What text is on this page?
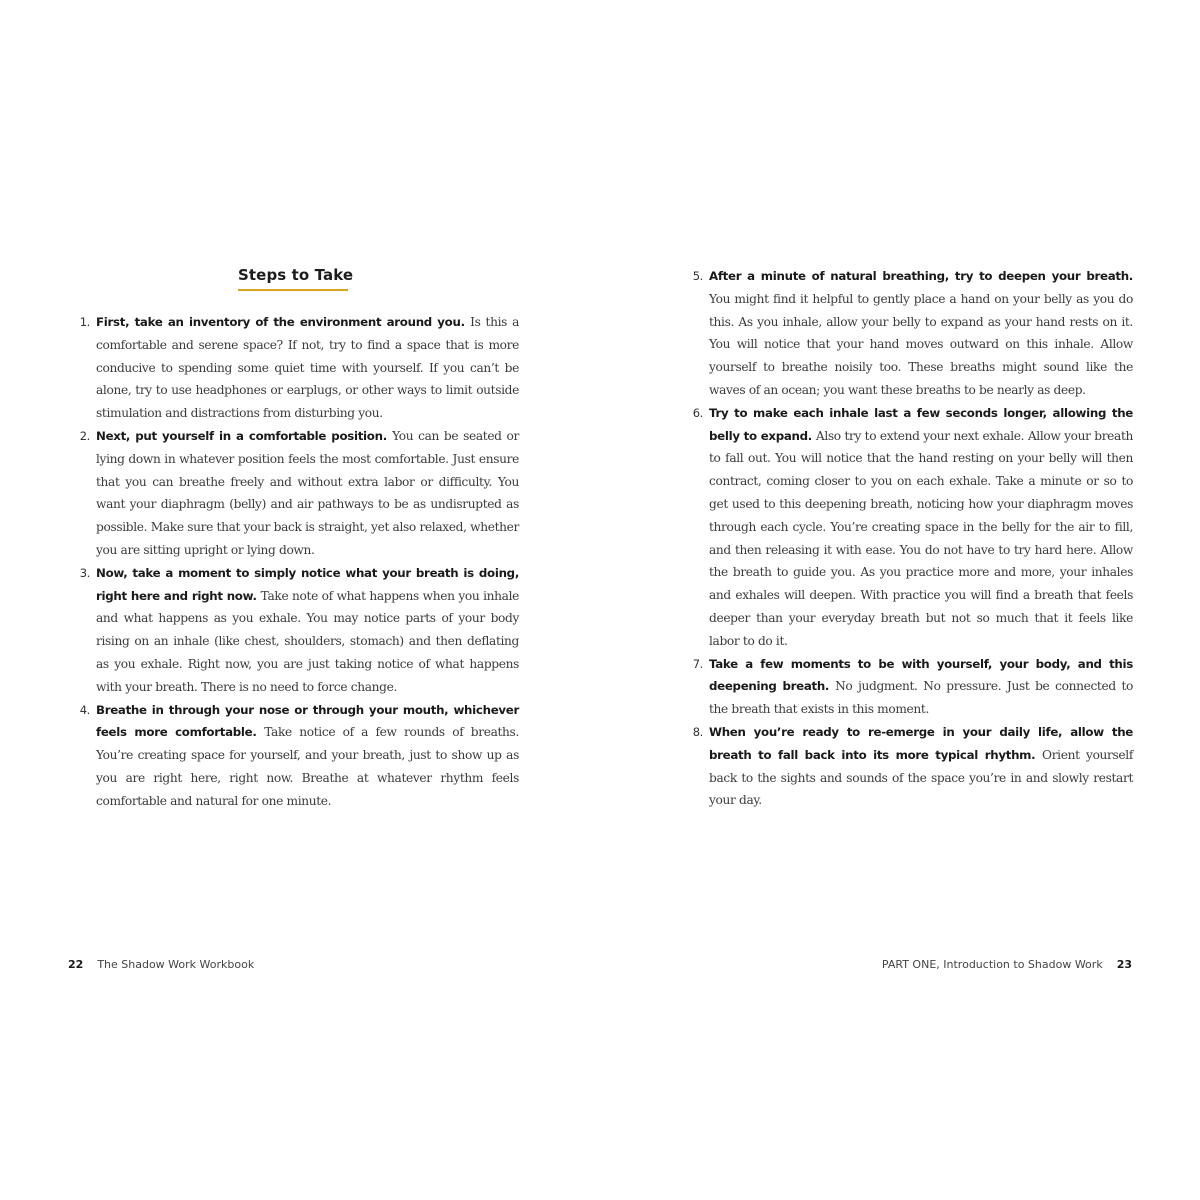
Steps to Take
1. First, take an inventory of the environment around you. Is this a comfortable and serene space? If not, try to find a space that is more conducive to spending some quiet time with yourself. If you can’t be alone, try to use headphones or earplugs, or other ways to limit outside stimulation and distractions from disturbing you.
2. Next, put yourself in a comfortable position. You can be seated or lying down in whatever position feels the most comfortable. Just ensure that you can breathe freely and without extra labor or difficulty. You want your diaphragm (belly) and air pathways to be as undisrupted as possible. Make sure that your back is straight, yet also relaxed, whether you are sitting upright or lying down.
3. Now, take a moment to simply notice what your breath is doing, right here and right now. Take note of what happens when you inhale and what happens as you exhale. You may notice parts of your body rising on an inhale (like chest, shoulders, stomach) and then deflating as you exhale. Right now, you are just taking notice of what happens with your breath. There is no need to force change.
4. Breathe in through your nose or through your mouth, whichever feels more comfortable. Take notice of a few rounds of breaths. You’re creating space for yourself, and your breath, just to show up as you are right here, right now. Breathe at whatever rhythm feels comfortable and natural for one minute.
22 The Shadow Work Workbook
5. After a minute of natural breathing, try to deepen your breath. You might find it helpful to gently place a hand on your belly as you do this. As you inhale, allow your belly to expand as your hand rests on it. You will notice that your hand moves outward on this inhale. Allow yourself to breathe noisily too. These breaths might sound like the waves of an ocean; you want these breaths to be nearly as deep.
6. Try to make each inhale last a few seconds longer, allowing the belly to expand. Also try to extend your next exhale. Allow your breath to fall out. You will notice that the hand resting on your belly will then contract, coming closer to you on each exhale. Take a minute or so to get used to this deepening breath, noticing how your diaphragm moves through each cycle. You’re creating space in the belly for the air to fill, and then releasing it with ease. You do not have to try hard here. Allow the breath to guide you. As you practice more and more, your inhales and exhales will deepen. With practice you will find a breath that feels deeper than your everyday breath but not so much that it feels like labor to do it.
7. Take a few moments to be with yourself, your body, and this deepening breath. No judgment. No pressure. Just be connected to the breath that exists in this moment.
8. When you’re ready to re-emerge in your daily life, allow the breath to fall back into its more typical rhythm. Orient yourself back to the sights and sounds of the space you’re in and slowly restart your day.
PART ONE, Introduction to Shadow Work 23
